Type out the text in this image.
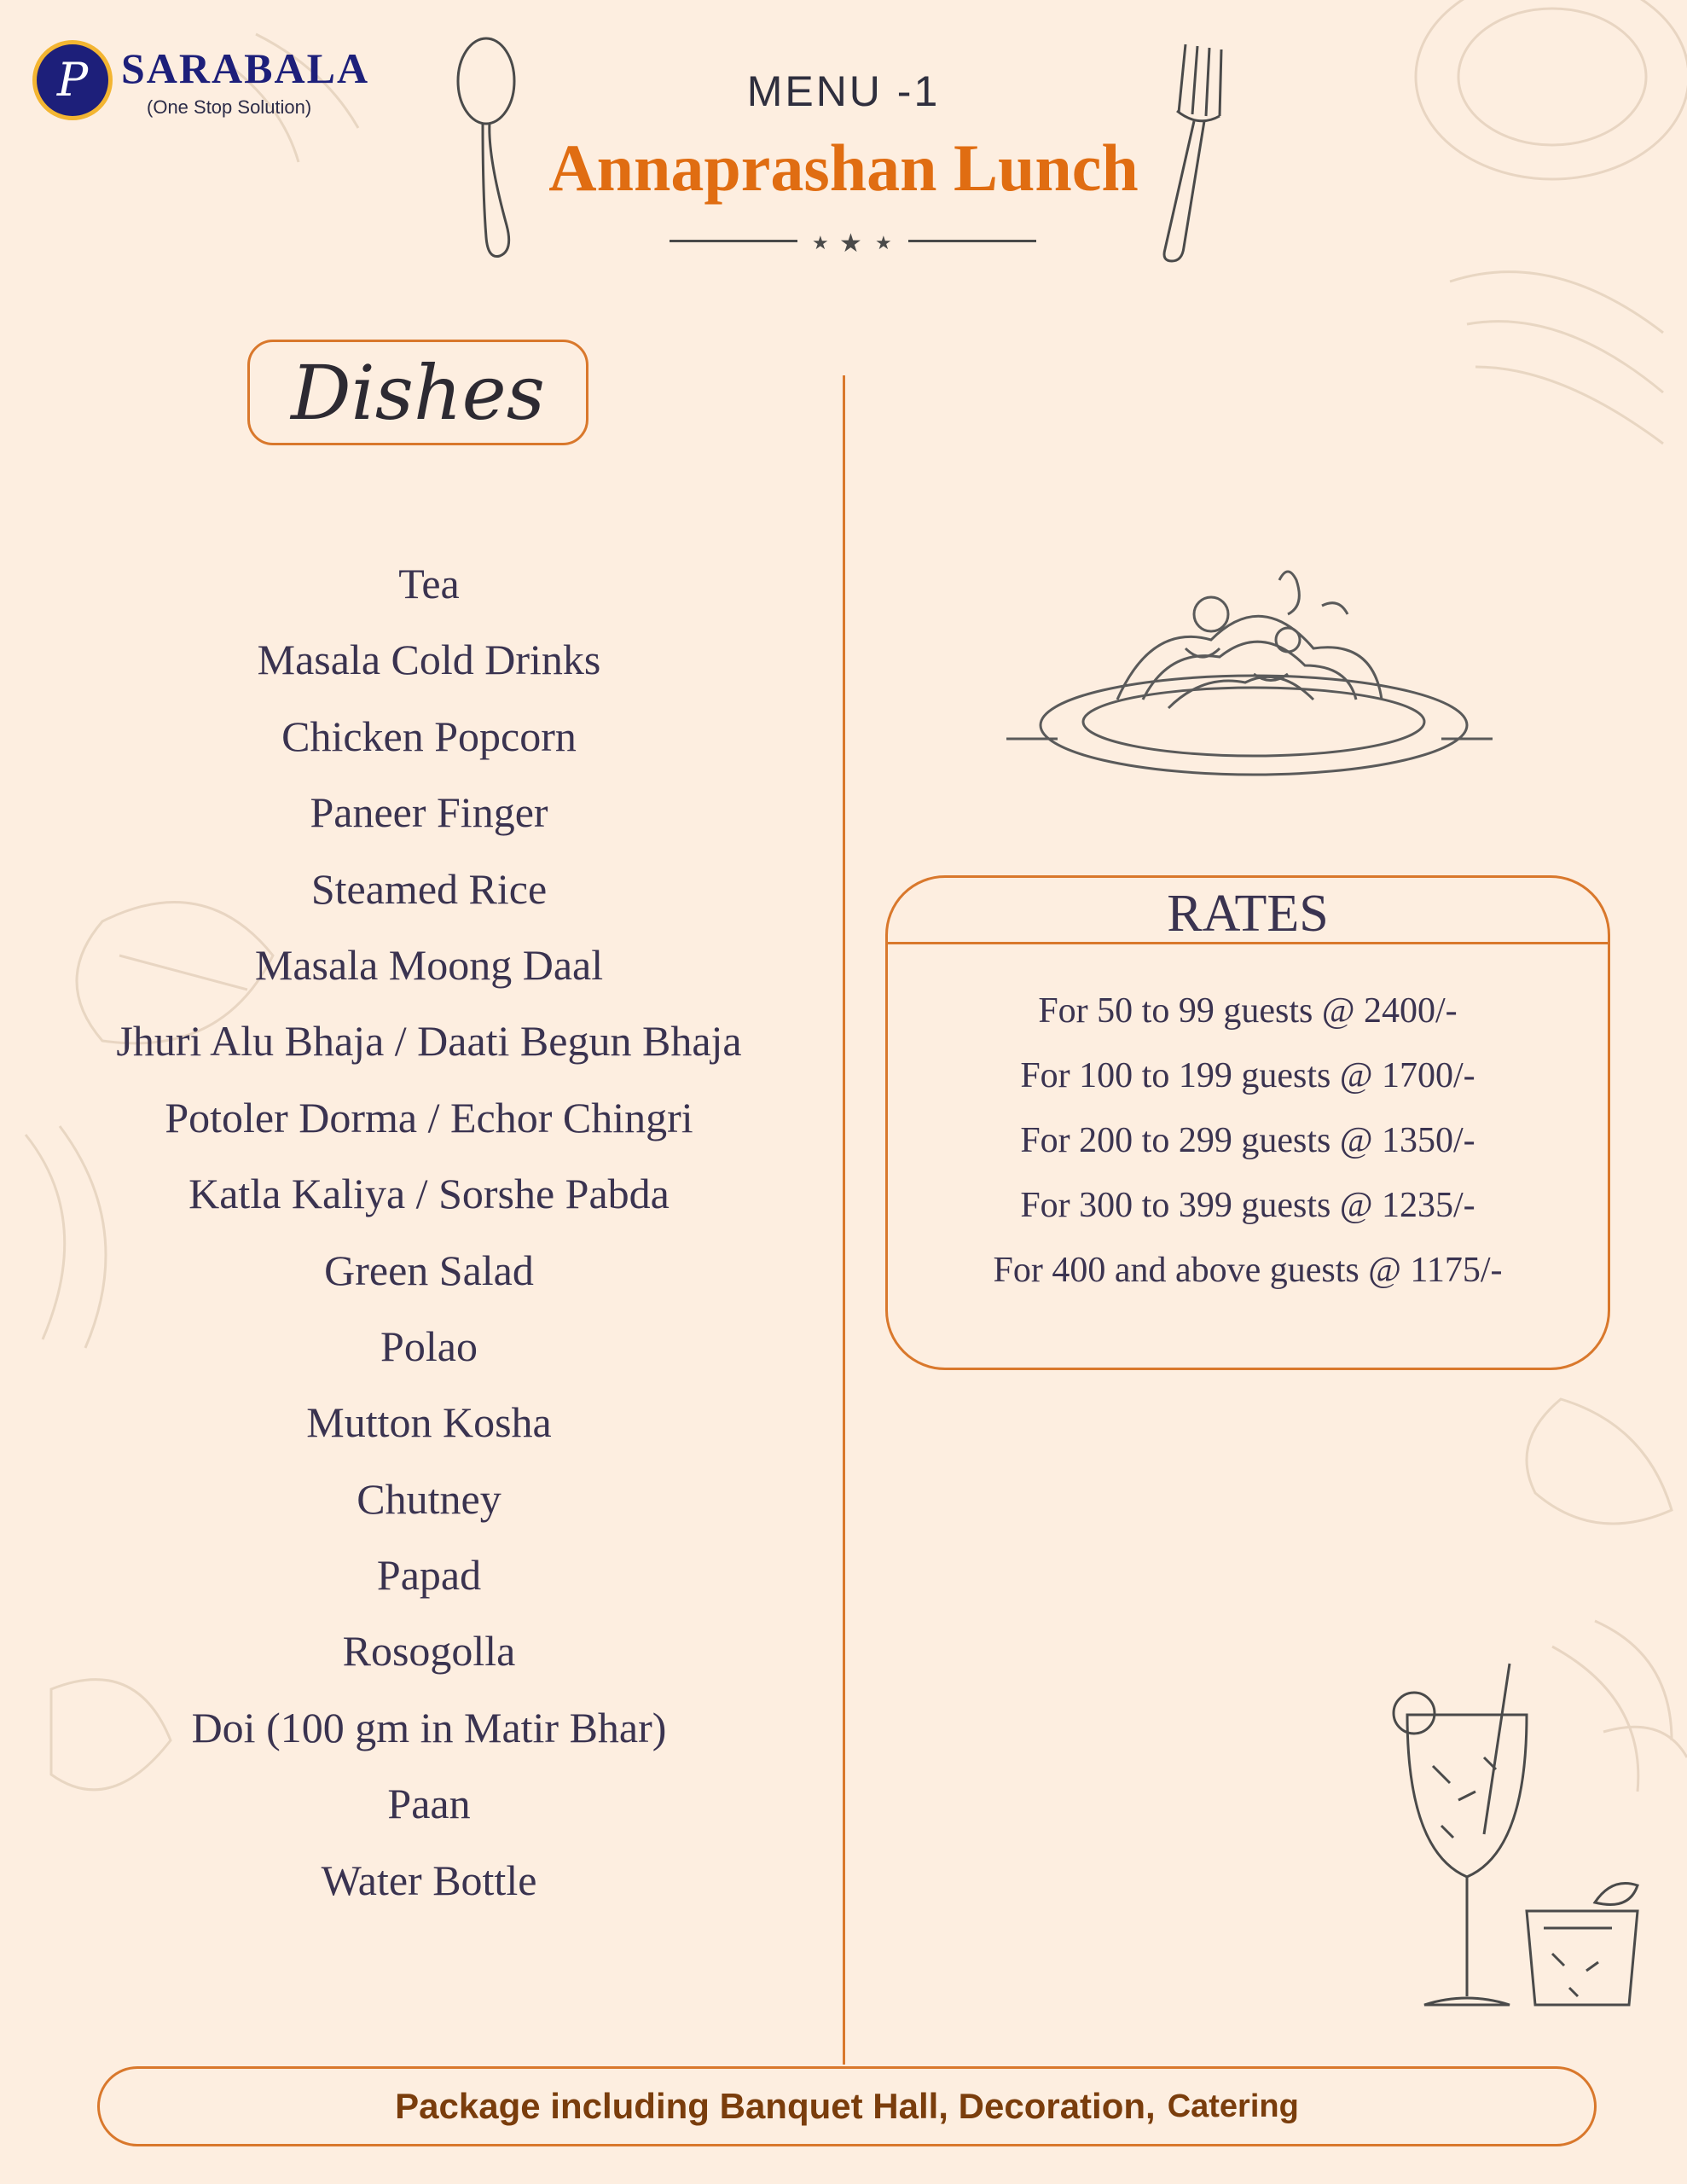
P SARABALA
(One Stop Solution)	MENU -1
Annaprashan Lunch
★ ★ ★
Dishes
Tea
Masala Cold Drinks
Chicken Popcorn
Paneer Finger
Steamed Rice
Masala Moong Daal
Jhuri Alu Bhaja / Daati Begun Bhaja
Potoler Dorma / Echor Chingri
Katla Kaliya / Sorshe Pabda
Green Salad
Polao
Mutton Kosha
Chutney
Papad
Rosogolla
Doi (100 gm in Matir Bhar)
Paan
Water Bottle
RATES
For 50 to 99 guests @ 2400/-
For 100 to 199 guests @ 1700/-
For 200 to 299 guests @ 1350/-
For 300 to 399 guests @ 1235/-
For 400 and above guests @ 1175/-
Package including Banquet Hall, Decoration, Catering
